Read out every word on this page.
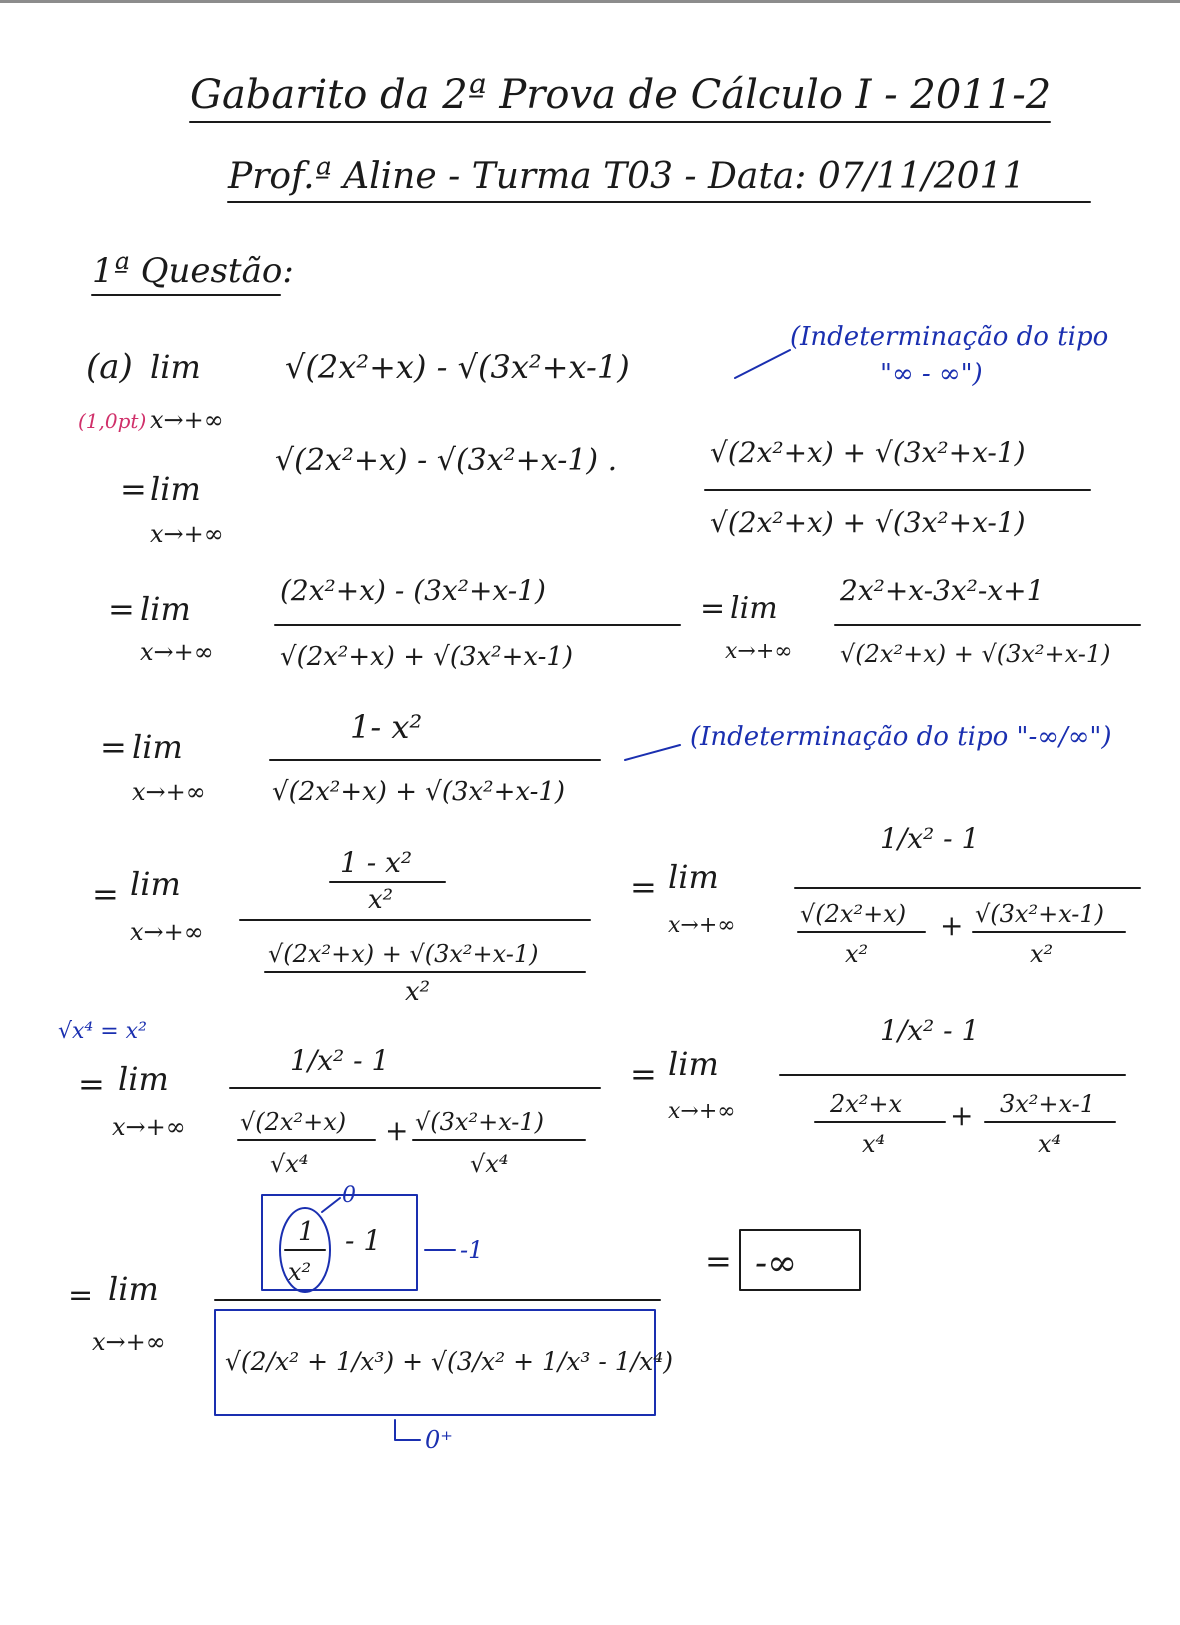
Gabarito da 2ª Prova de Cálculo I - 2011-2
Prof.ª Aline - Turma T03 - Data: 07/11/2011
1ª Questão:
(a) lim
(1,0pt) x→+∞
√(2x²+x) - √(3x²+x-1)
(Indeterminação do tipo
"∞ - ∞")
= lim
x→+∞
√(2x²+x) - √(3x²+x-1) .	√(2x²+x) + √(3x²+x-1)
√(2x²+x) + √(3x²+x-1)
= lim
x→+∞
(2x²+x) - (3x²+x-1)
√(2x²+x) + √(3x²+x-1)
= lim
x→+∞
2x²+x-3x²-x+1
√(2x²+x) + √(3x²+x-1)
= lim
x→+∞
1- x²
√(2x²+x) + √(3x²+x-1)
(Indeterminação do tipo "-∞/∞")
= lim
x→+∞
1 - x²
x²
√(2x²+x) + √(3x²+x-1)
x²
= lim
x→+∞
1/x² - 1
√(2x²+x)
x²
+ √(3x²+x-1)
x²
√x⁴ = x²
= lim
x→+∞
1/x² - 1
√(2x²+x)
√x⁴
+ √(3x²+x-1)
√x⁴
= lim
x→+∞
1/x² - 1
2x²+x
x⁴
+ 3x²+x-1
x⁴
= lim
x→+∞
1
x²
- 1
0
-1
√(2/x² + 1/x³) + √(3/x² + 1/x³ - 1/x⁴)
0⁺
= -∞
